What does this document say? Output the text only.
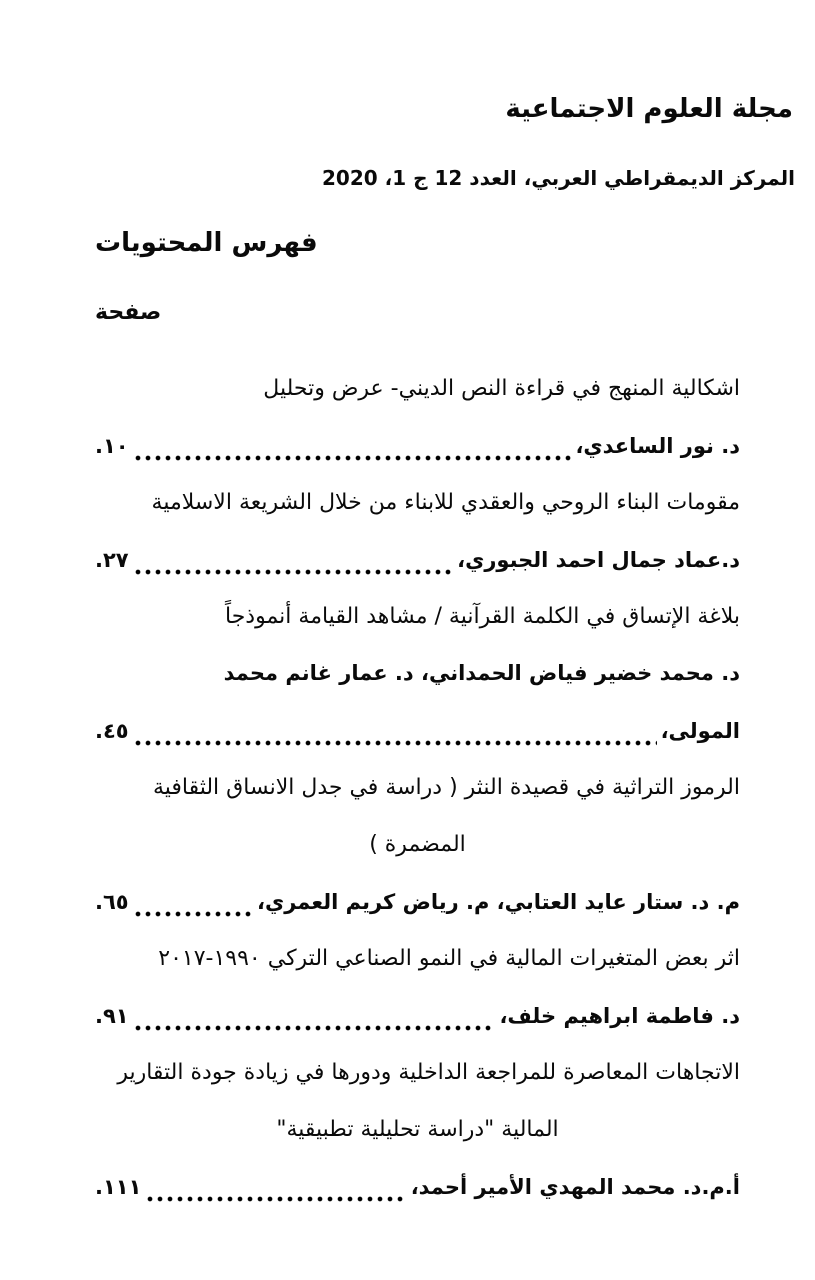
مجلة العلوم الاجتماعية
المركز الديمقراطي العربي، العدد 12 ج 1، 2020
فهرس المحتويات
صفحة
اشكالية المنهج في قراءة النص الديني- عرض وتحليل
د. نور الساعدي،
١٠.
مقومات البناء الروحي والعقدي للابناء من خلال الشريعة الاسلامية
د.عماد جمال احمد الجبوري،
٢٧.
بلاغة الإتساق في الكلمة القرآنية / مشاهد القيامة أنموذجاً
د. محمد خضير فياض الحمداني، د. عمار غانم محمد
المولى،
٤٥.
الرموز التراثية في قصيدة النثر ( دراسة في جدل الانساق الثقافية
المضمرة )
م. د. ستار عايد العتابي، م. رياض كريم العمري،
٦٥.
اثر بعض المتغيرات المالية في النمو الصناعي التركي ١٩٩٠-٢٠١٧
د. فاطمة ابراهيم خلف،
٩١.
الاتجاهات المعاصرة للمراجعة الداخلية ودورها في زيادة جودة التقارير
المالية "دراسة تحليلية تطبيقية"
أ.م.د. محمد المهدي الأمير أحمد،
١١١.
